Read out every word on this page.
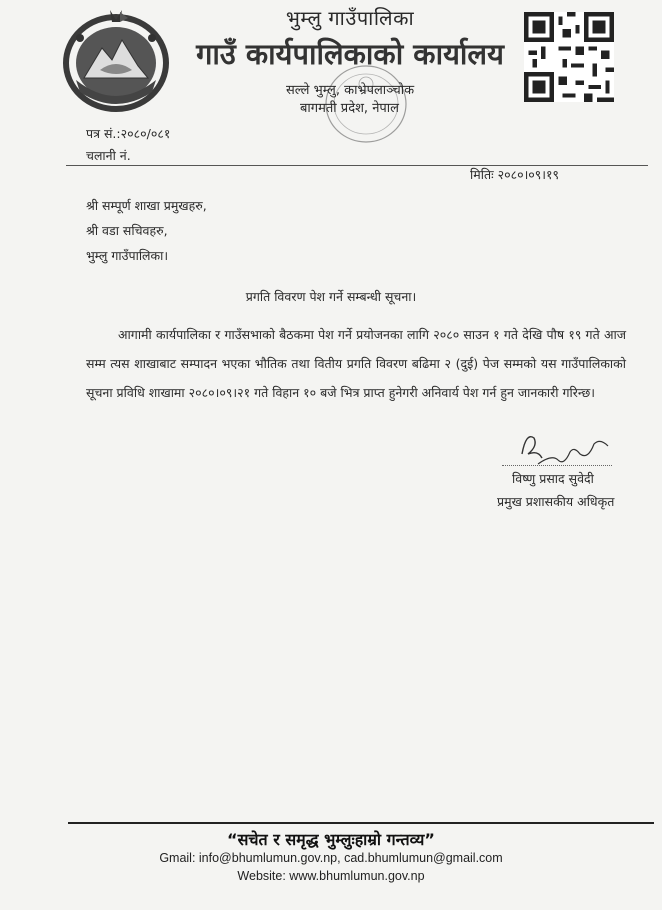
भुम्लु गाउँपालिका
गाउँ कार्यपालिकाको कार्यालय
सल्ले भुम्लु, काभ्रेपलाञ्चोक
बागमती प्रदेश, नेपाल
पत्र सं.:२०८०/०८१
चलानी नं.
मितिः २०८०।०९।१९
श्री सम्पूर्ण शाखा प्रमुखहरु,
श्री वडा सचिवहरु,
भुम्लु गाउँपालिका।
प्रगति विवरण पेश गर्ने सम्बन्धी सूचना।
आगामी कार्यपालिका र गाउँसभाको बैठकमा पेश गर्ने प्रयोजनका लागि २०८० साउन १ गते देखि पौष १९ गते आज सम्म त्यस शाखाबाट सम्पादन भएका भौतिक तथा वितीय प्रगति विवरण बढिमा २ (दुई) पेज सम्मको यस गाउँपालिकाको सूचना प्रविधि शाखामा २०८०।०९।२१ गते विहान १० बजे भित्र प्राप्त हुनेगरी अनिवार्य पेश गर्न हुन जानकारी गरिन्छ।
विष्णु प्रसाद सुवेदी
प्रमुख प्रशासकीय अधिकृत
“सचेत र समृद्ध भुम्लुःहाम्रो गन्तव्य”
Gmail: info@bhumlumun.gov.np, cad.bhumlumun@gmail.com
Website: www.bhumlumun.gov.np
